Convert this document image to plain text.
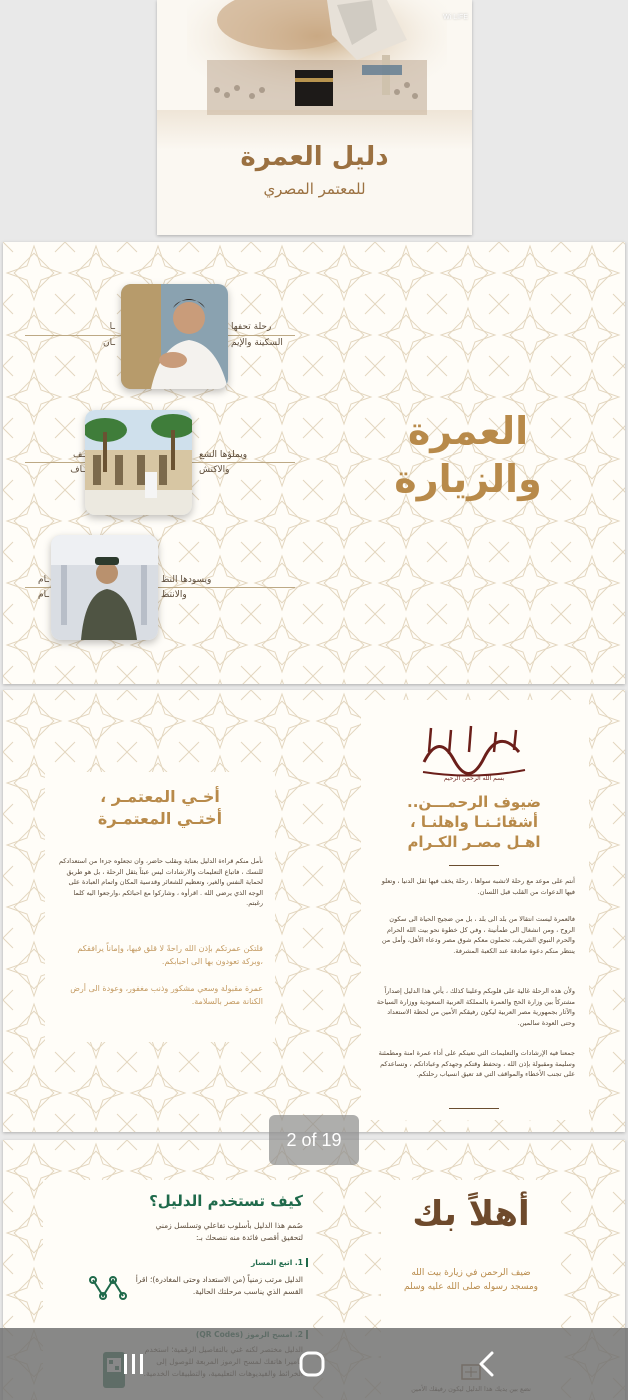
Wi LIFE
دليل العمرة
للمعتمر المصري
العمرة
والزيارة
ـا
ـان
رحلة تحفها
السكينة والإيم
ـف
ـاف
ويملؤها الشع
والاكتش
ـام
ـام
ويسودها النظ
والانتظ
بسم الله الرحمن الرحيم
ضيوف الرحمـــن..
أشقائـنـا واهلنـا ،
اهـل مصـر الكـرام
أنتم على موعد مع رحلة لاتشبه سواها ، رحلة يخف فيها ثقل الدنيا ، وتعلو فيها الدعوات من القلب قبل اللسان.
فالعمرة ليست انتقالا من بلد الى بلد ، بل من ضجيج الحياة الى سكون الروح ، ومن انشغال الى طمأنينة ، وفي كل خطوة نحو بيت الله الحرام والحرم النبوي الشريف، تحملون معكم شوق مصر ودعاء الأهل، وأمل من ينتظر منكم دعوة صادقة عند الكعبة المشرفة.
ولأن هذه الرحلة غالية على قلوبكم وعلينا كذلك ، يأتي هذا الدليل إصداراً مشتركاً بين وزارة الحج والعمرة بالمملكة العربية السعودية ووزارة السياحة والآثار بجمهورية مصر العربية ليكون رفيقكم الأمين من لحظة الاستعداد وحتى العودة سالمين.
جمعنا فيه الإرشادات والتعليمات التي تعينكم على أداء عمرة امنة ومطمئنة وسليمة ومقبولة بإذن الله ، وتحفظ وقتكم وجهدكم وعباداتكم ، وتساعدكم على تجنب الأخطاء والمواقف التي قد تعيق انسياب رحلتكم.
أخـي المعتمـر ،
أختـي المعتمـرة
نأمل منكم قراءة الدليل بعناية وبقلب حاضر، وان تجعلوه جزءا من استعدادكم للنسك ، فاتباع التعليمات والارشادات ليس عبئاً يثقل الرحلة ، بل هو طريق لحماية النفس والغير، وتعظيم للشعائر وقدسية المكان واتمام العبادة على الوجه الذي يرضي الله . اقرأوه ، وشاركوا مع احبائكم ،وارجعوا اليه كلما رغبتم.
فلتكن عمرتكم بإذن الله راحةً لا قلق فيها، وإماناً يرافقكم ،وبركة تعودون بها الى احبابكم.
عمرة مقبولة وسعي مشكور وذنب مغفور، وعودة الى أرض الكنانة مصر بالسلامة.
أهلاً بك
ضيف الرحمن في زيارة بيت الله
ومسجد رسوله صلى الله عليه وسلم
كيف تستخدم الدليل؟
صُمم هذا الدليل بأسلوب تفاعلي وتسلسل زمني لتحقيق أقصى فائدة منه ننصحك بـ:
1. اتبع المسار
الدليل مرتب زمنياً (من الاستعداد وحتى المغادرة)؛ اقرأ القسم الذي يناسب مرحلتك الحالية.
2 of 19
